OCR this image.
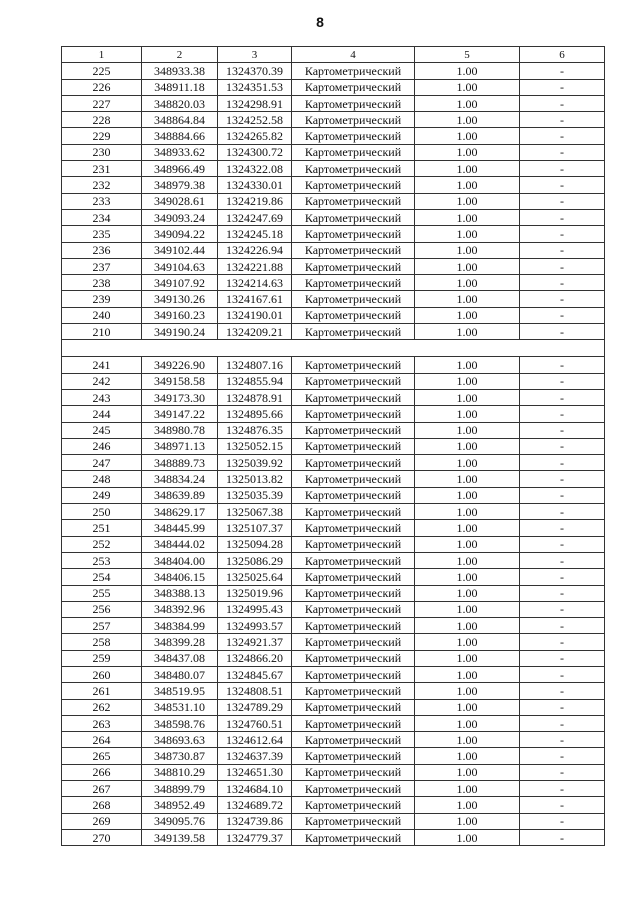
8
1	2	3	4	5	6
225	348933.38	1324370.39	Картометрический	1.00	-
226	348911.18	1324351.53	Картометрический	1.00	-
227	348820.03	1324298.91	Картометрический	1.00	-
228	348864.84	1324252.58	Картометрический	1.00	-
229	348884.66	1324265.82	Картометрический	1.00	-
230	348933.62	1324300.72	Картометрический	1.00	-
231	348966.49	1324322.08	Картометрический	1.00	-
232	348979.38	1324330.01	Картометрический	1.00	-
233	349028.61	1324219.86	Картометрический	1.00	-
234	349093.24	1324247.69	Картометрический	1.00	-
235	349094.22	1324245.18	Картометрический	1.00	-
236	349102.44	1324226.94	Картометрический	1.00	-
237	349104.63	1324221.88	Картометрический	1.00	-
238	349107.92	1324214.63	Картометрический	1.00	-
239	349130.26	1324167.61	Картометрический	1.00	-
240	349160.23	1324190.01	Картометрический	1.00	-
210	349190.24	1324209.21	Картометрический	1.00	-

241	349226.90	1324807.16	Картометрический	1.00	-
242	349158.58	1324855.94	Картометрический	1.00	-
243	349173.30	1324878.91	Картометрический	1.00	-
244	349147.22	1324895.66	Картометрический	1.00	-
245	348980.78	1324876.35	Картометрический	1.00	-
246	348971.13	1325052.15	Картометрический	1.00	-
247	348889.73	1325039.92	Картометрический	1.00	-
248	348834.24	1325013.82	Картометрический	1.00	-
249	348639.89	1325035.39	Картометрический	1.00	-
250	348629.17	1325067.38	Картометрический	1.00	-
251	348445.99	1325107.37	Картометрический	1.00	-
252	348444.02	1325094.28	Картометрический	1.00	-
253	348404.00	1325086.29	Картометрический	1.00	-
254	348406.15	1325025.64	Картометрический	1.00	-
255	348388.13	1325019.96	Картометрический	1.00	-
256	348392.96	1324995.43	Картометрический	1.00	-
257	348384.99	1324993.57	Картометрический	1.00	-
258	348399.28	1324921.37	Картометрический	1.00	-
259	348437.08	1324866.20	Картометрический	1.00	-
260	348480.07	1324845.67	Картометрический	1.00	-
261	348519.95	1324808.51	Картометрический	1.00	-
262	348531.10	1324789.29	Картометрический	1.00	-
263	348598.76	1324760.51	Картометрический	1.00	-
264	348693.63	1324612.64	Картометрический	1.00	-
265	348730.87	1324637.39	Картометрический	1.00	-
266	348810.29	1324651.30	Картометрический	1.00	-
267	348899.79	1324684.10	Картометрический	1.00	-
268	348952.49	1324689.72	Картометрический	1.00	-
269	349095.76	1324739.86	Картометрический	1.00	-
270	349139.58	1324779.37	Картометрический	1.00	-
